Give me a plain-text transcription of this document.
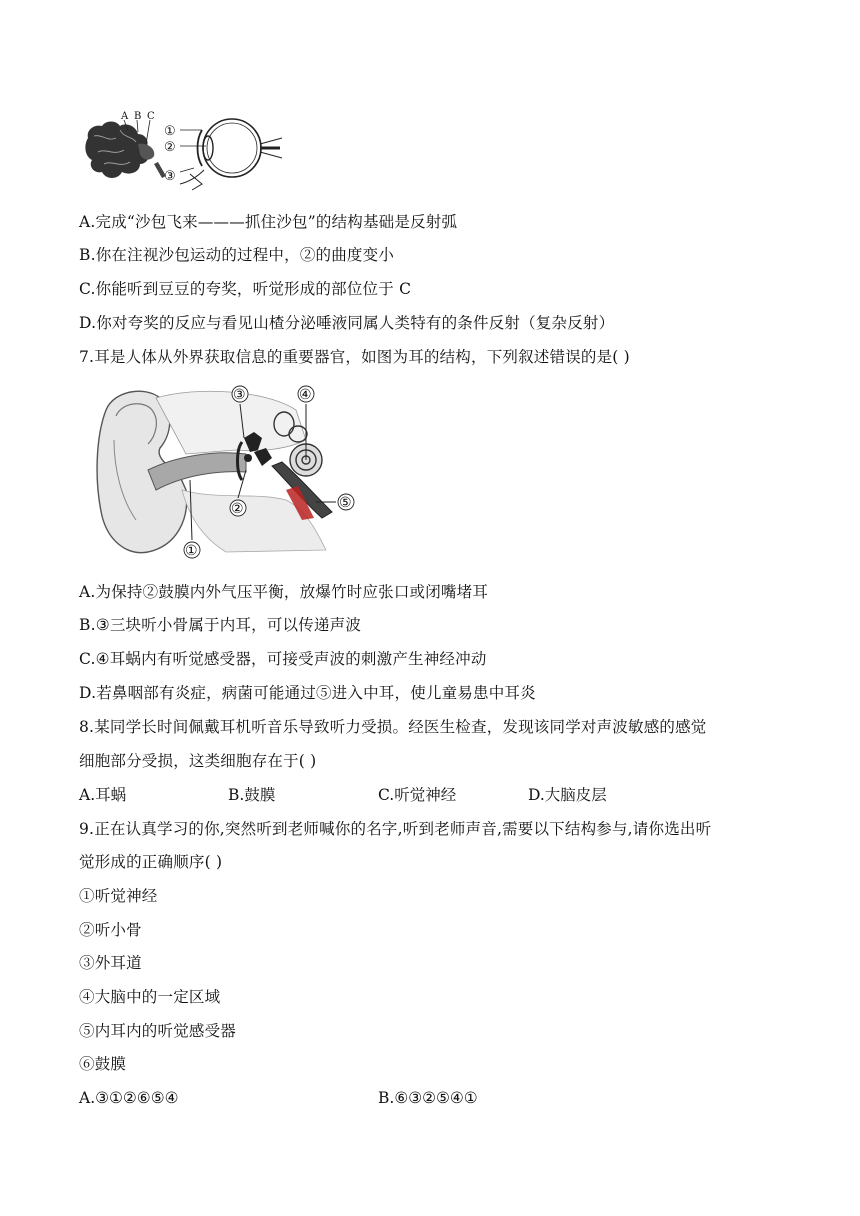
A B C
①
②
③
A.完成“沙包飞来———抓住沙包”的结构基础是反射弧
B.你在注视沙包运动的过程中，②的曲度变小
C.你能听到豆豆的夸奖，听觉形成的部位位于 C
D.你对夸奖的反应与看见山楂分泌唾液同属人类特有的条件反射（复杂反射）
7.耳是人体从外界获取信息的重要器官，如图为耳的结构，下列叙述错误的是( )
③	④
②
①
⑤
A.为保持②鼓膜内外气压平衡，放爆竹时应张口或闭嘴堵耳
B.③三块听小骨属于内耳，可以传递声波
C.④耳蜗内有听觉感受器，可接受声波的刺激产生神经冲动
D.若鼻咽部有炎症，病菌可能通过⑤进入中耳，使儿童易患中耳炎
8.某同学长时间佩戴耳机听音乐导致听力受损。经医生检查，发现该同学对声波敏感的感觉
细胞部分受损，这类细胞存在于( )
A.耳蜗	B.鼓膜	C.听觉神经	D.大脑皮层
9.正在认真学习的你,突然听到老师喊你的名字,听到老师声音,需要以下结构参与,请你选出听
觉形成的正确顺序( )
①听觉神经
②听小骨
③外耳道
④大脑中的一定区域
⑤内耳内的听觉感受器
⑥鼓膜
A.③①②⑥⑤④	B.⑥③②⑤④①
